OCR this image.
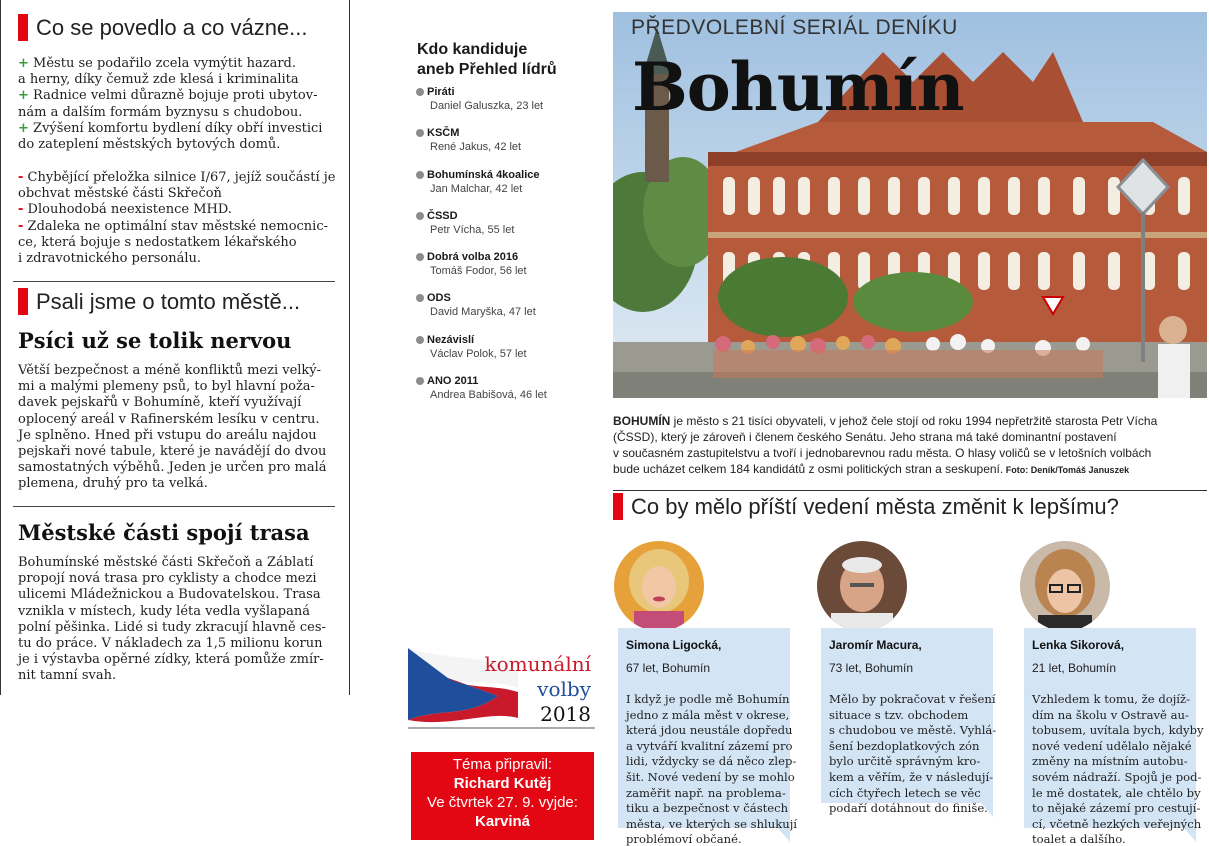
Co se povedlo a co vázne...
+ Městu se podařilo zcela vymýtit hazard.
a herny, díky čemuž zde klesá i kriminalita
+ Radnice velmi důrazně bojuje proti ubytov-
nám a dalším formám byznysu s chudobou.
+ Zvýšení komfortu bydlení díky obří investici
do zateplení městských bytových domů.
- Chybějící přeložka silnice I/67, jejíž součástí je
obchvat městské části Skřečoň
- Dlouhodobá neexistence MHD.
- Zdaleka ne optimální stav městské nemocnic-
ce, která bojuje s nedostatkem lékařského
i zdravotnického personálu.
Psali jsme o tomto městě...
Psíci už se tolik nervou
Větší bezpečnost a méně konfliktů mezi velký-
mi a malými plemeny psů, to byl hlavní poža-
davek pejskařů v Bohumíně, kteří využívají
oplocený areál v Rafinerském lesíku v centru.
Je splněno. Hned při vstupu do areálu najdou
pejskaři nové tabule, které je navádějí do dvou
samostatných výběhů. Jeden je určen pro malá
plemena, druhý pro ta velká.
Městské části spojí trasa
Bohumínské městské části Skřečoň a Záblatí
propojí nová trasa pro cyklisty a chodce mezi
ulicemi Mládežnickou a Budovatelskou. Trasa
vznikla v místech, kudy léta vedla vyšlapaná
polní pěšinka. Lidé si tudy zkracují hlavně ces-
tu do práce. V nákladech za 1,5 milionu korun
je i výstavba opěrné zídky, která pomůže zmír-
nit tamní svah.
Kdo kandiduje
aneb Přehled lídrů
Piráti
Daniel Galuszka, 23 let
KSČM
René Jakus, 42 let
Bohumínská 4koalice
Jan Malchar, 42 let
ČSSD
Petr Vícha, 55 let
Dobrá volba 2016
Tomáš Fodor, 56 let
ODS
David Maryška, 47 let
Nezávislí
Václav Polok, 57 let
ANO 2011
Andrea Babišová, 46 let
PŘEDVOLEBNÍ SERIÁL DENÍKU
Bohumín
BOHUMÍN je město s 21 tisíci obyvateli, v jehož čele stojí od roku 1994 nepřetržitě starosta Petr Vícha
(ČSSD), který je zároveň i členem českého Senátu. Jeho strana má také dominantní postavení
v současném zastupitelstvu a tvoří i jednobarevnou radu města. O hlasy voličů se v letošních volbách
bude ucházet celkem 184 kandidátů z osmi politických stran a seskupení. Foto: Deník/Tomáš Januszek
Co by mělo příští vedení města změnit k lepšímu?
Simona Ligocká,
67 let, Bohumín
I když je podle mě Bohumín
jedno z mála měst v okrese,
která jdou neustále dopředu
a vytváří kvalitní zázemí pro
lidi, vždycky se dá něco zlep-
šit. Nové vedení by se mohlo
zaměřit např. na problema-
tiku a bezpečnost v částech
města, ve kterých se shlukují
problémoví občané.
Jaromír Macura,
73 let, Bohumín
Mělo by pokračovat v řešení
situace s tzv. obchodem
s chudobou ve městě. Vyhlá-
šení bezdoplatkových zón
bylo určitě správným kro-
kem a věřím, že v následují-
cích čtyřech letech se věc
podaří dotáhnout do finiše.
Lenka Sikorová,
21 let, Bohumín
Vzhledem k tomu, že dojíž-
dím na školu v Ostravě au-
tobusem, uvítala bych, kdyby
nové vedení udělalo nějaké
změny na místním autobu-
sovém nádraží. Spojů je pod-
le mě dostatek, ale chtělo by
to nějaké zázemí pro cestují-
cí, včetně hezkých veřejných
toalet a dalšího.
komunální
volby
2018
Téma připravil:
Richard Kutěj
Ve čtvrtek 27. 9. vyjde:
Karviná
